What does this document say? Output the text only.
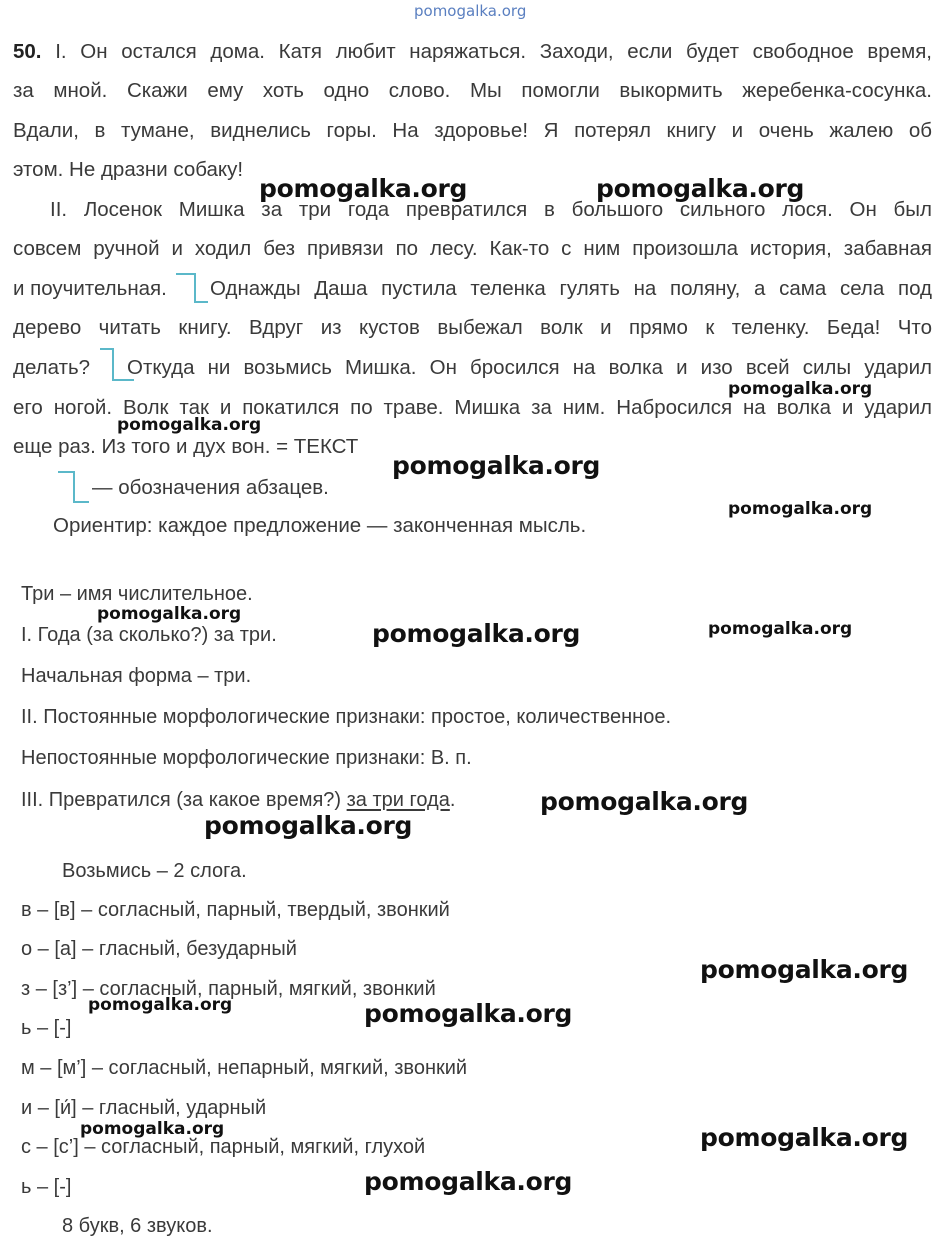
pomogalka.org
50. I. Он остался дома. Катя любит наряжаться. Заходи, если будет свободное время,
за мной. Скажи ему хоть одно слово. Мы помогли выкормить жеребенка-сосунка.
Вдали, в тумане, виднелись горы. На здоровье! Я потерял книгу и очень жалею об
этом. Не дразни собаку!
II. Лосенок Мишка за три года превратился в большого сильного лося. Он был
совсем ручной и ходил без привязи по лесу. Как-то с ним произошла история, забавная
и поучительная.	Однажды Даша пустила теленка гулять на поляну, а сама села под
дерево читать книгу. Вдруг из кустов выбежал волк и прямо к теленку. Беда! Что
делать?	Откуда ни возьмись Мишка. Он бросился на волка и изо всей силы ударил
его ногой. Волк так и покатился по траве. Мишка за ним. Набросился на волка и ударил
еще раз. Из того и дух вон. = ТЕКСТ
— обозначения абзацев.
Ориентир: каждое предложение — законченная мысль.
Три – имя числительное.
I. Года (за сколько?) за три.
Начальная форма – три.
II. Постоянные морфологические признаки: простое, количественное.
Непостоянные морфологические признаки: В. п.
III. Превратился (за какое время?) за три года.
Возьмись – 2 слога.
в – [в] – согласный, парный, твердый, звонкий
о – [а] – гласный, безударный
з – [з’] – согласный, парный, мягкий, звонкий
ь – [-]
м – [м’] – согласный, непарный, мягкий, звонкий
и – [и́] – гласный, ударный
с – [с’] – согласный, парный, мягкий, глухой
ь – [-]
8 букв, 6 звуков.
pomogalka.org	pomogalka.org
pomogalka.org
pomogalka.org
pomogalka.org
pomogalka.org
pomogalka.org
pomogalka.org	pomogalka.org
pomogalka.org
pomogalka.org
pomogalka.org
pomogalka.org	pomogalka.org
pomogalka.org	pomogalka.org
pomogalka.org
